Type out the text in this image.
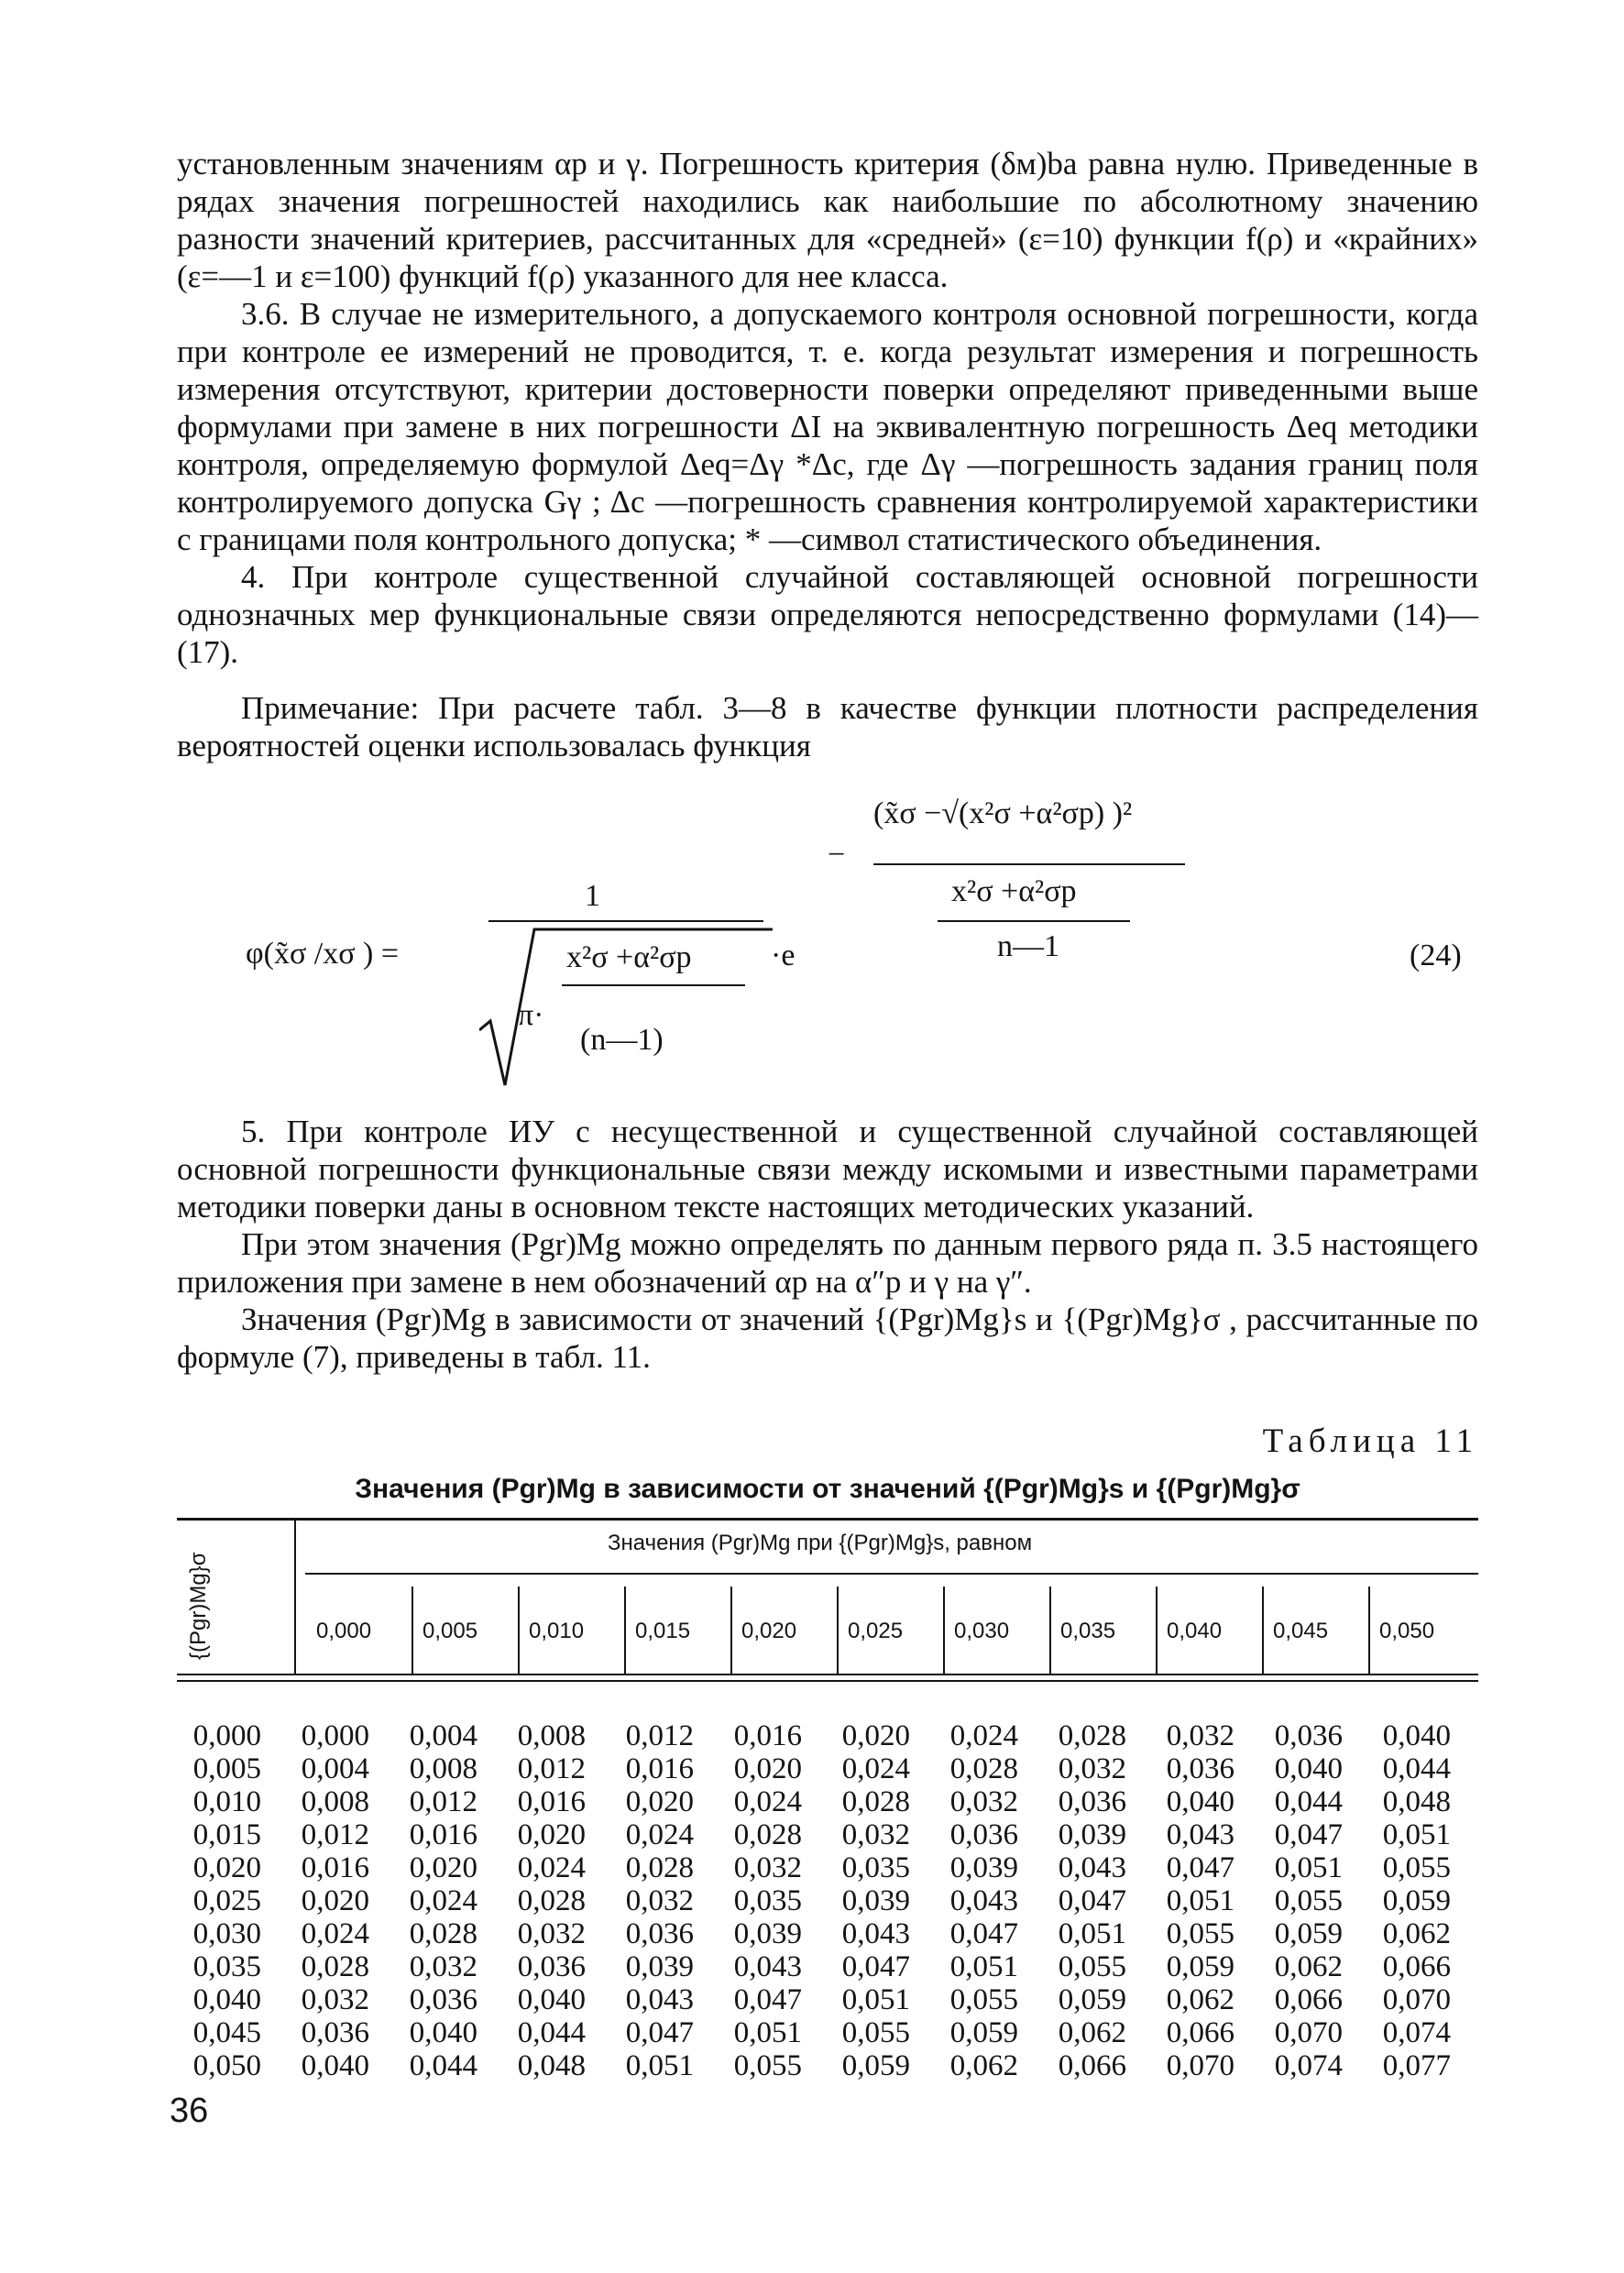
установленным значениям αp и γ. Погрешность критерия (δм)ba равна нулю. Приведенные в рядах значения погрешностей находились как наибольшие по абсолютному значению разности значений критериев, рассчитанных для «средней» (ε=10) функции f(ρ) и «крайних» (ε=—1 и ε=100) функций f(ρ) указанного для нее класса.

3.6. В случае не измерительного, а допускаемого контроля основной погрешности, когда при контроле ее измерений не проводится, т. е. когда результат измерения и погрешность измерения отсутствуют, критерии достоверности поверки определяют приведенными выше формулами при замене в них погрешности ΔI на эквивалентную погрешность Δeq методики контроля, определяемую формулой Δeq=Δγ *Δc, где Δγ —погрешность задания границ поля контролируемого допуска Gγ ; Δc —погрешность сравнения контролируемой характеристики с границами поля контрольного допуска; * —символ статистического объединения.

4. При контроле существенной случайной составляющей основной погрешности однозначных мер функциональные связи определяются непосредственно формулами (14)—(17).

Примечание: При расчете табл. 3—8 в качестве функции плотности распределения вероятностей оценки использовалась функция

φ(x̃σ /xσ ) =
1
x²σ +α²σp
π·
(n—1)
·e
−
(x̃σ −√(x²σ +α²σp) )²
x²σ +α²σp
n—1	(24)

5. При контроле ИУ с несущественной и существенной случайной составляющей основной погрешности функциональные связи между искомыми и известными параметрами методики поверки даны в основном тексте настоящих методических указаний.

При этом значения (Pgr)Mg можно определять по данным первого ряда п. 3.5 настоящего приложения при замене в нем обозначений αp на α″p и γ на γ″.

Значения (Pgr)Mg в зависимости от значений {(Pgr)Mg}s и {(Pgr)Mg}σ , рассчитанные по формуле (7), приведены в табл. 11.

Таблица 11
Значения (Pgr)Mg в зависимости от значений {(Pgr)Mg}s и {(Pgr)Mg}σ
{(Pgr)Mg}σ
Значения (Pgr)Mg при {(Pgr)Mg}s, равном
0,000 0,005 0,010 0,015 0,020 0,025 0,030 0,035 0,040 0,045 0,050
0,000	0,000	0,004	0,008	0,012	0,016	0,020	0,024	0,028	0,032	0,036	0,040
0,005	0,004	0,008	0,012	0,016	0,020	0,024	0,028	0,032	0,036	0,040	0,044
0,010	0,008	0,012	0,016	0,020	0,024	0,028	0,032	0,036	0,040	0,044	0,048
0,015	0,012	0,016	0,020	0,024	0,028	0,032	0,036	0,039	0,043	0,047	0,051
0,020	0,016	0,020	0,024	0,028	0,032	0,035	0,039	0,043	0,047	0,051	0,055
0,025	0,020	0,024	0,028	0,032	0,035	0,039	0,043	0,047	0,051	0,055	0,059
0,030	0,024	0,028	0,032	0,036	0,039	0,043	0,047	0,051	0,055	0,059	0,062
0,035	0,028	0,032	0,036	0,039	0,043	0,047	0,051	0,055	0,059	0,062	0,066
0,040	0,032	0,036	0,040	0,043	0,047	0,051	0,055	0,059	0,062	0,066	0,070
0,045	0,036	0,040	0,044	0,047	0,051	0,055	0,059	0,062	0,066	0,070	0,074
0,050	0,040	0,044	0,048	0,051	0,055	0,059	0,062	0,066	0,070	0,074	0,077
36
